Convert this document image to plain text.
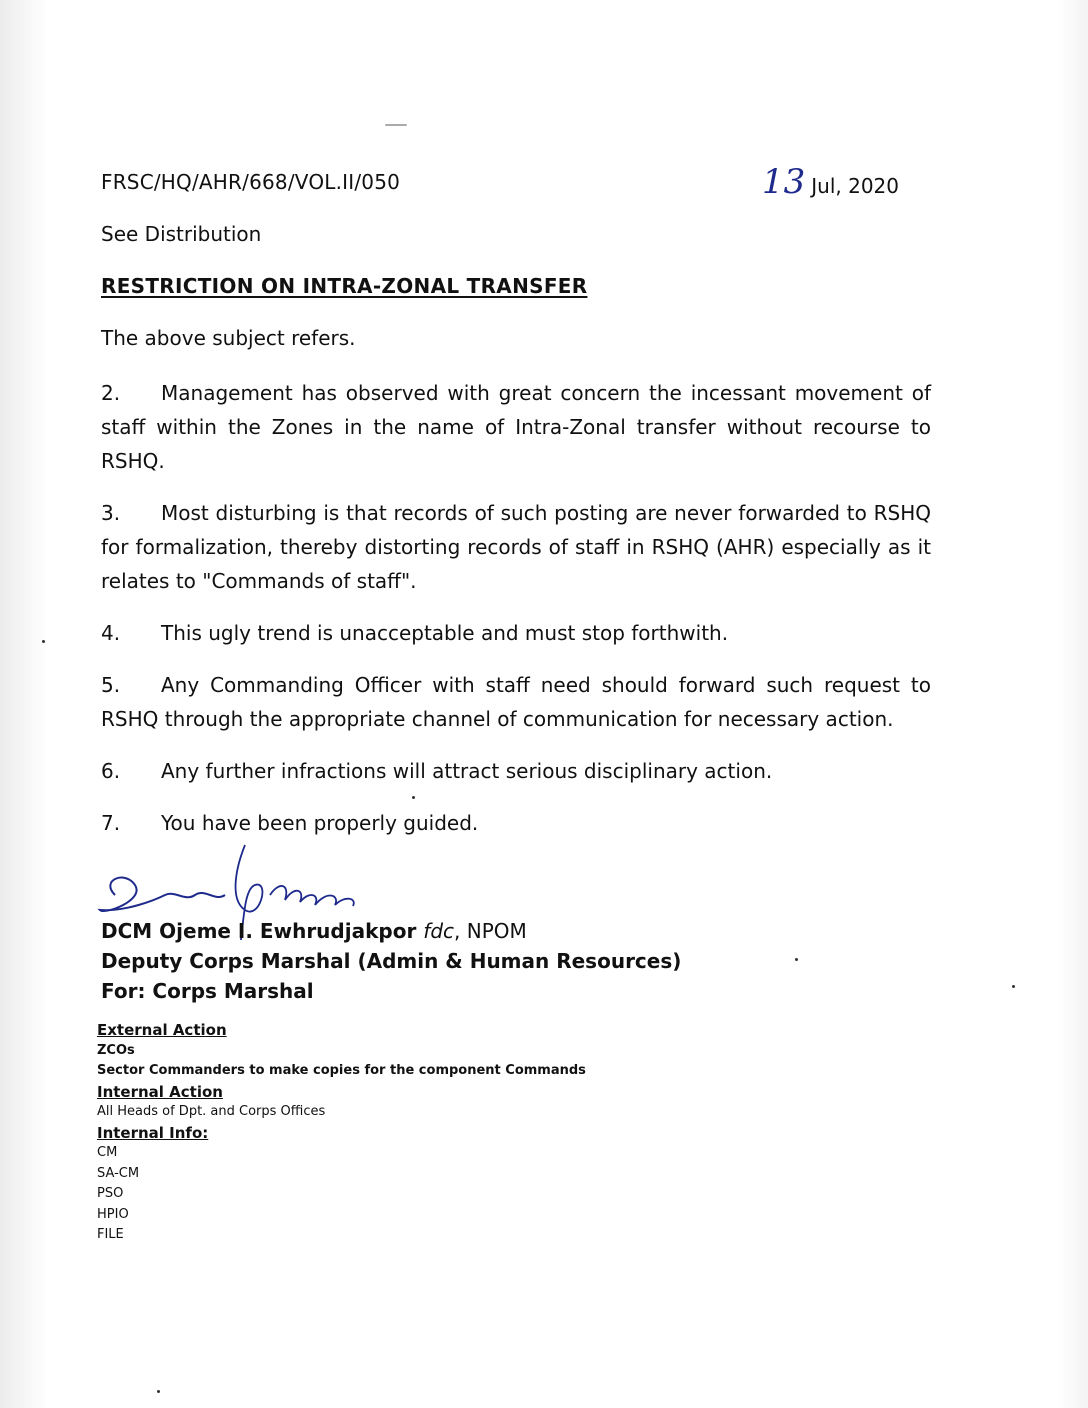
FRSC/HQ/AHR/668/VOL.II/050	13 Jul, 2020
See Distribution
RESTRICTION ON INTRA-ZONAL TRANSFER
The above subject refers.
2. Management has observed with great concern the incessant movement of staff within the Zones in the name of Intra-Zonal transfer without recourse to RSHQ.
3. Most disturbing is that records of such posting are never forwarded to RSHQ for formalization, thereby distorting records of staff in RSHQ (AHR) especially as it relates to "Commands of staff".
4. This ugly trend is unacceptable and must stop forthwith.
5. Any Commanding Officer with staff need should forward such request to RSHQ through the appropriate channel of communication for necessary action.
6. Any further infractions will attract serious disciplinary action.
7. You have been properly guided.
DCM Ojeme I. Ewhrudjakpor fdc, NPOM
Deputy Corps Marshal (Admin & Human Resources)
For: Corps Marshal
External Action
ZCOs
Sector Commanders to make copies for the component Commands
Internal Action
All Heads of Dpt. and Corps Offices
Internal Info:
CM
SA-CM
PSO
HPIO
FILE
